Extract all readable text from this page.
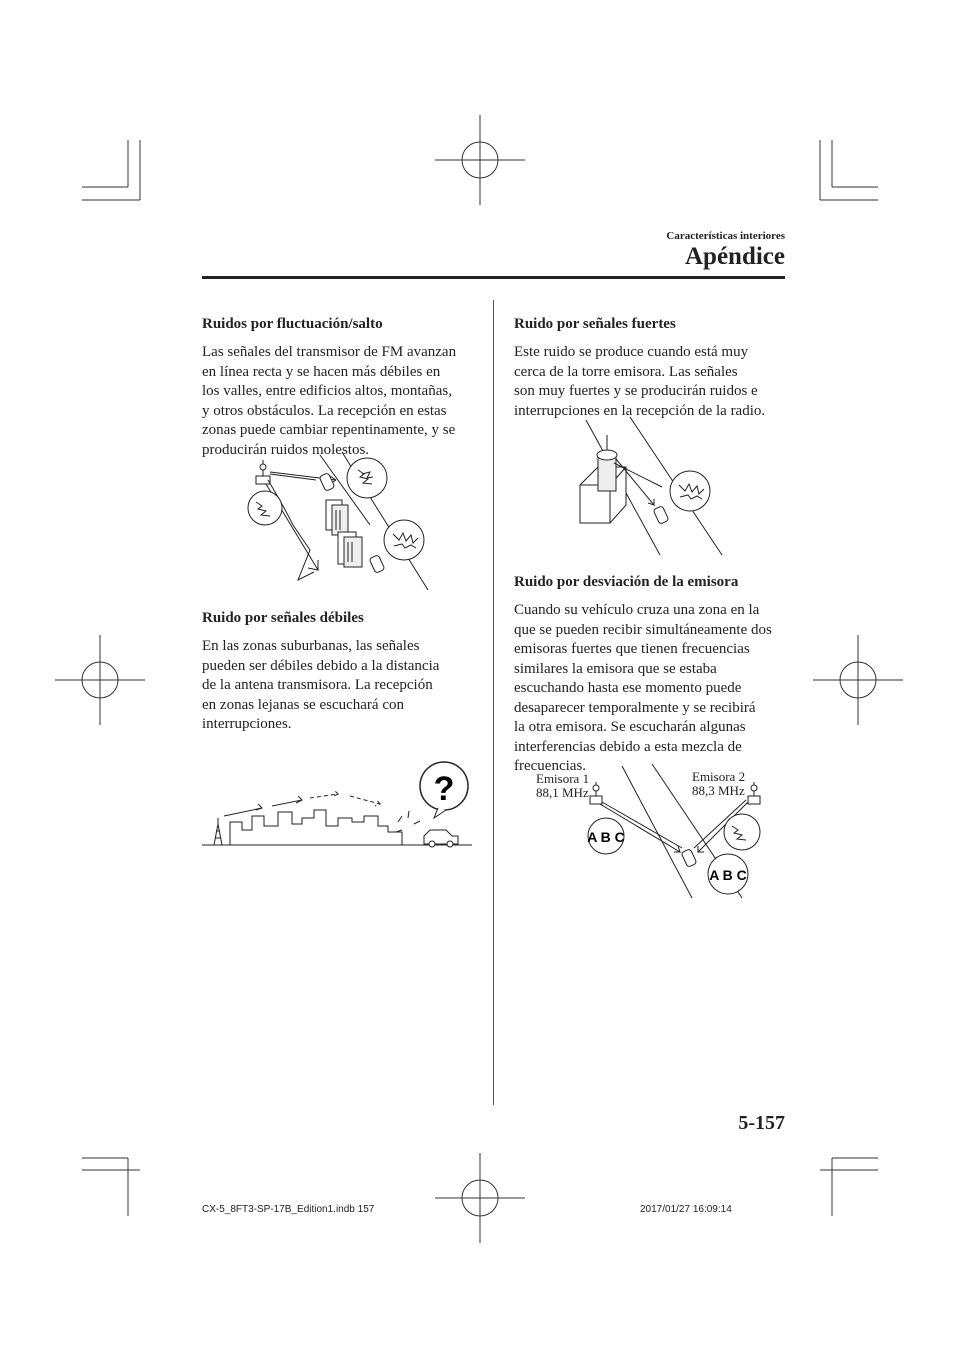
Características interiores
Apéndice
Ruidos por fluctuación/salto

Las señales del transmisor de FM avanzan
en línea recta y se hacen más débiles en
los valles, entre edificios altos, montañas,
y otros obstáculos. La recepción en estas
zonas puede cambiar repentinamente, y se
producirán ruidos molestos.

Ruido por señales débiles

En las zonas suburbanas, las señales
pueden ser débiles debido a la distancia
de la antena transmisora. La recepción
en zonas lejanas se escuchará con
interrupciones.

?
Ruido por señales fuertes

Este ruido se produce cuando está muy
cerca de la torre emisora. Las señales
son muy fuertes y se producirán ruidos e
interrupciones en la recepción de la radio.

Ruido por desviación de la emisora

Cuando su vehículo cruza una zona en la
que se pueden recibir simultáneamente dos
emisoras fuertes que tienen frecuencias
similares la emisora que se estaba
escuchando hasta ese momento puede
desaparecer temporalmente y se recibirá
la otra emisora. Se escucharán algunas
interferencias debido a esta mezcla de
frecuencias.

A B C
A B C
Emisora 1
88,1 MHz
Emisora 2
88,3 MHz
5-157
CX-5_8FT3-SP-17B_Edition1.indb 157	2017/01/27 16:09:14
